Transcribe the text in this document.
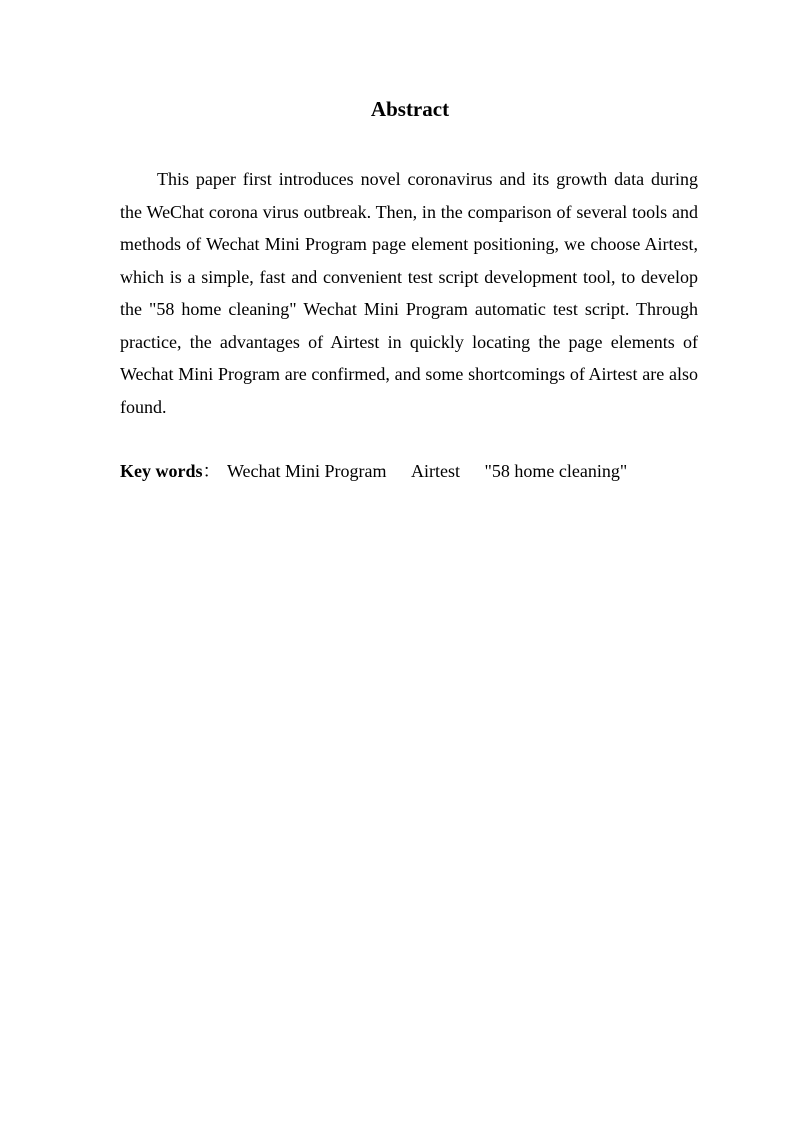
Abstract

This paper first introduces novel coronavirus and its growth data during the WeChat corona virus outbreak. Then, in the comparison of several tools and methods of Wechat Mini Program page element positioning, we choose Airtest, which is a simple, fast and convenient test script development tool, to develop the "58 home cleaning" Wechat Mini Program automatic test script. Through practice, the advantages of Airtest in quickly locating the page elements of Wechat Mini Program are confirmed, and some shortcomings of Airtest are also found.

Key words： Wechat Mini Program Airtest "58 home cleaning"
